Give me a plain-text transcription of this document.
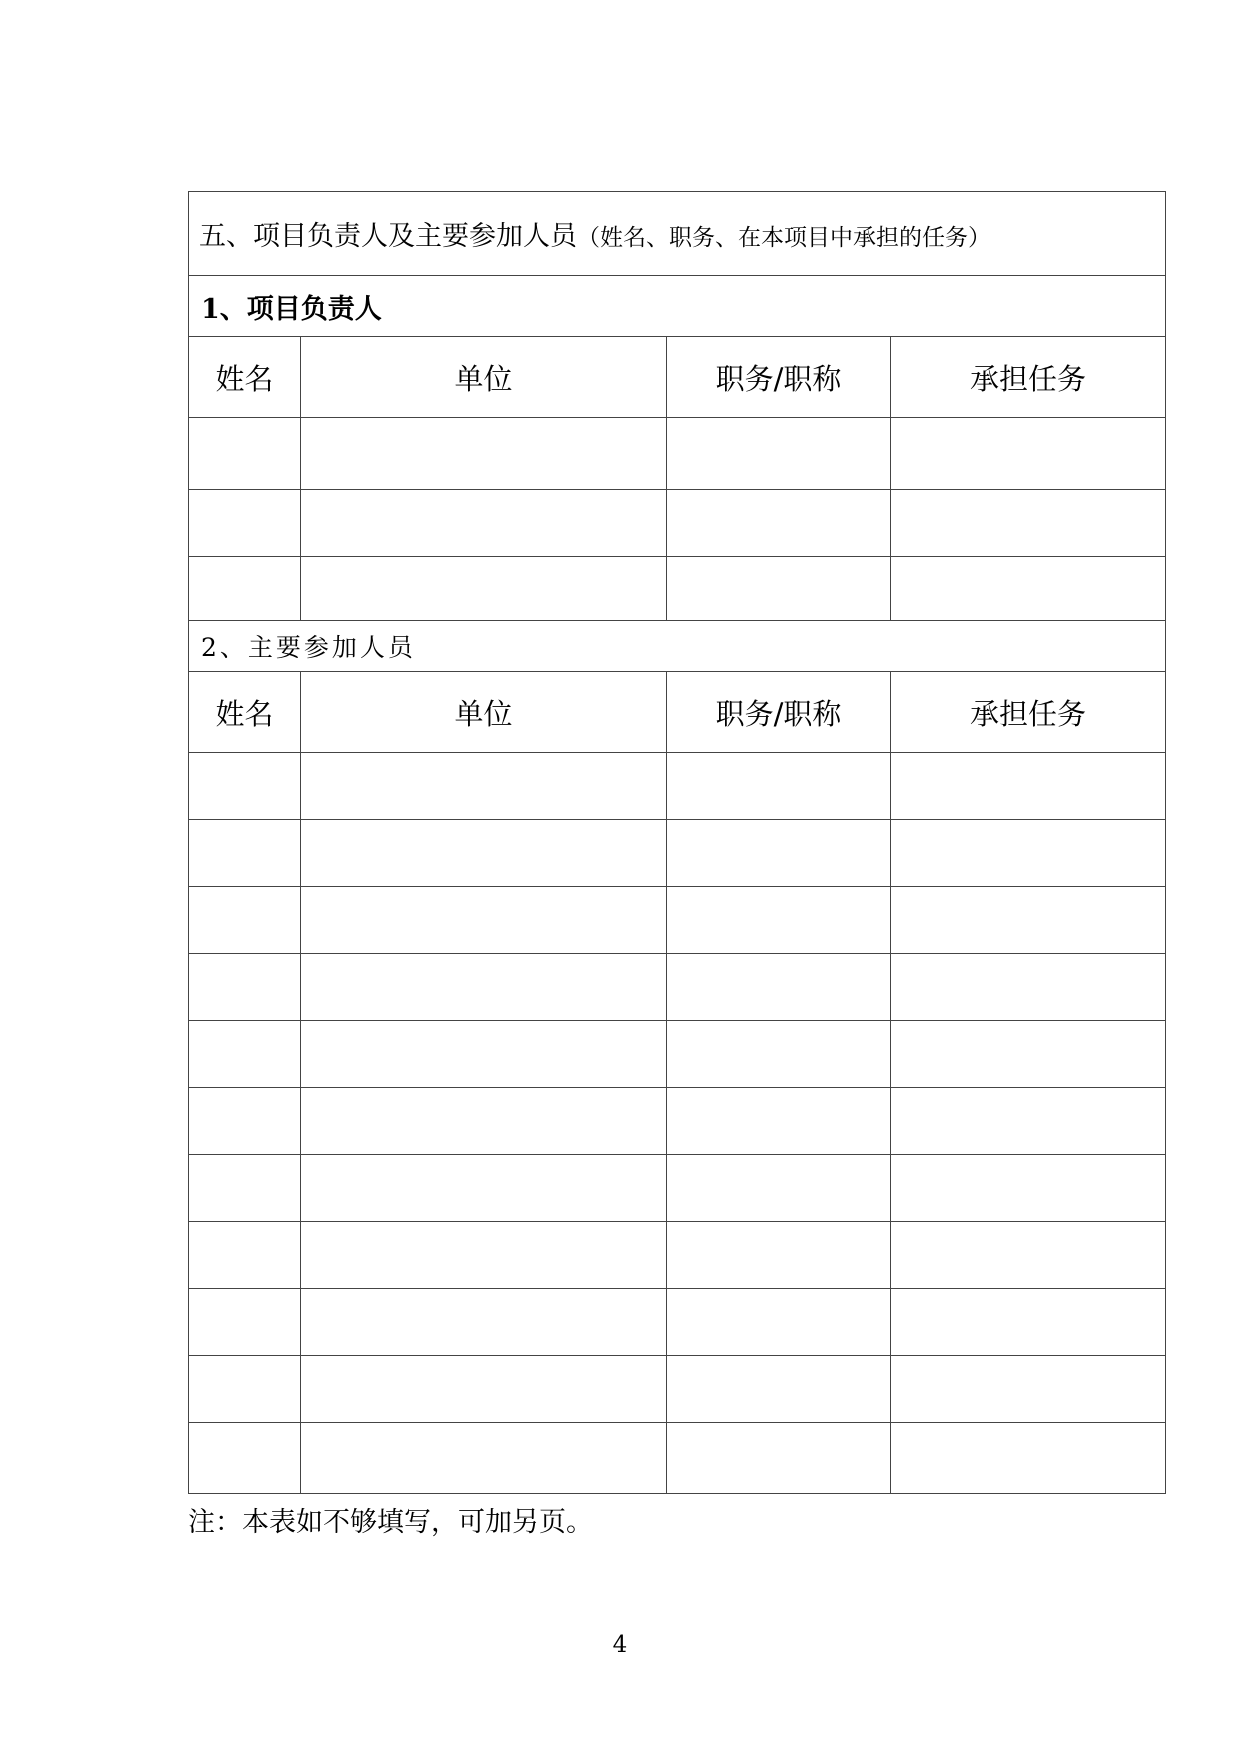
五、项目负责人及主要参加人员（姓名、职务、在本项目中承担的任务）			
1、项目负责人			
姓名	单位	职务/职称	承担任务

2、主要参加人员			
姓名	单位	职务/职称	承担任务

注：本表如不够填写，可加另页。
4
